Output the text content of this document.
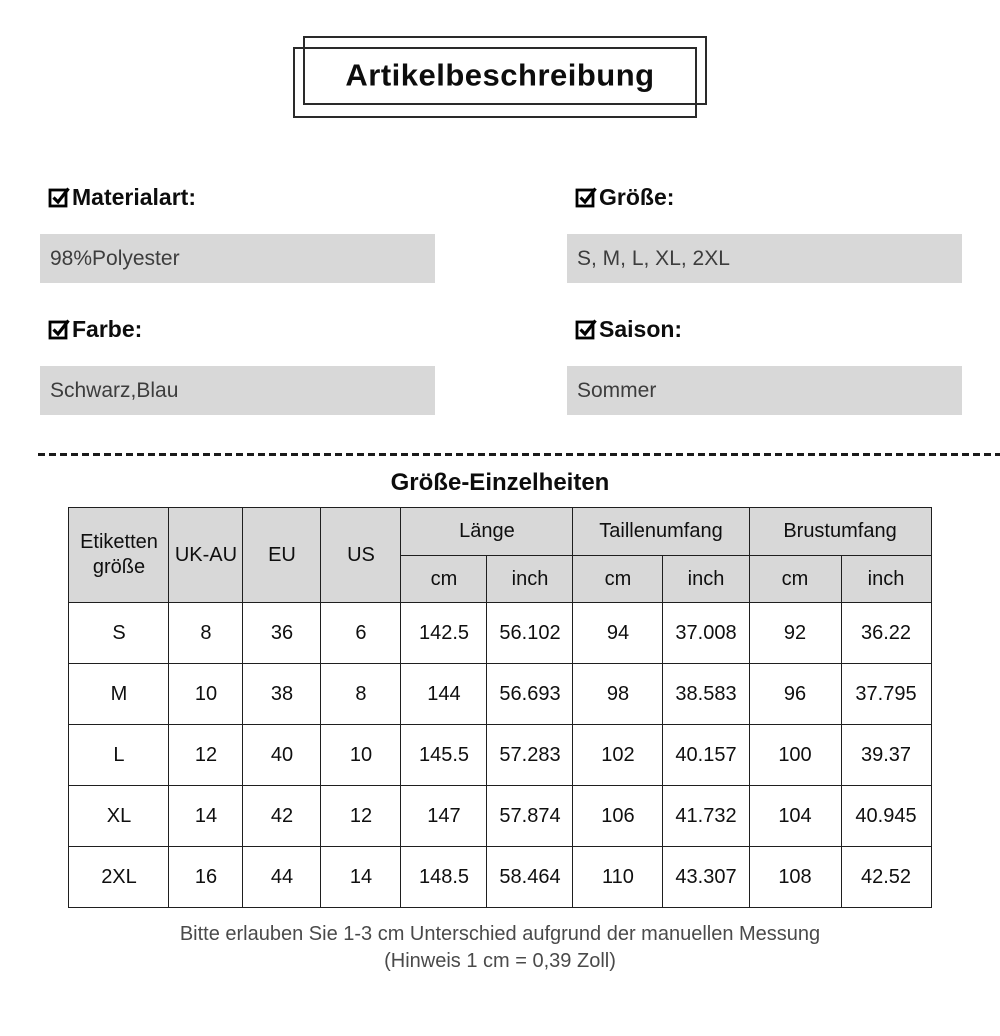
Artikelbeschreibung
Materialart:
98%Polyester
Größe:
S, M, L, XL, 2XL
Farbe:
Schwarz,Blau
Saison:
Sommer
Größe-Einzelheiten
Etiketten größe	UK-AU	EU	US	Länge		Taillenumfang		Brustumfang	
				cm	inch	cm	inch	cm	inch
S	8	36	6	142.5	56.102	94	37.008	92	36.22
M	10	38	8	144	56.693	98	38.583	96	37.795
L	12	40	10	145.5	57.283	102	40.157	100	39.37
XL	14	42	12	147	57.874	106	41.732	104	40.945
2XL	16	44	14	148.5	58.464	110	43.307	108	42.52
Bitte erlauben Sie 1-3 cm Unterschied aufgrund der manuellen Messung
(Hinweis 1 cm = 0,39 Zoll)
